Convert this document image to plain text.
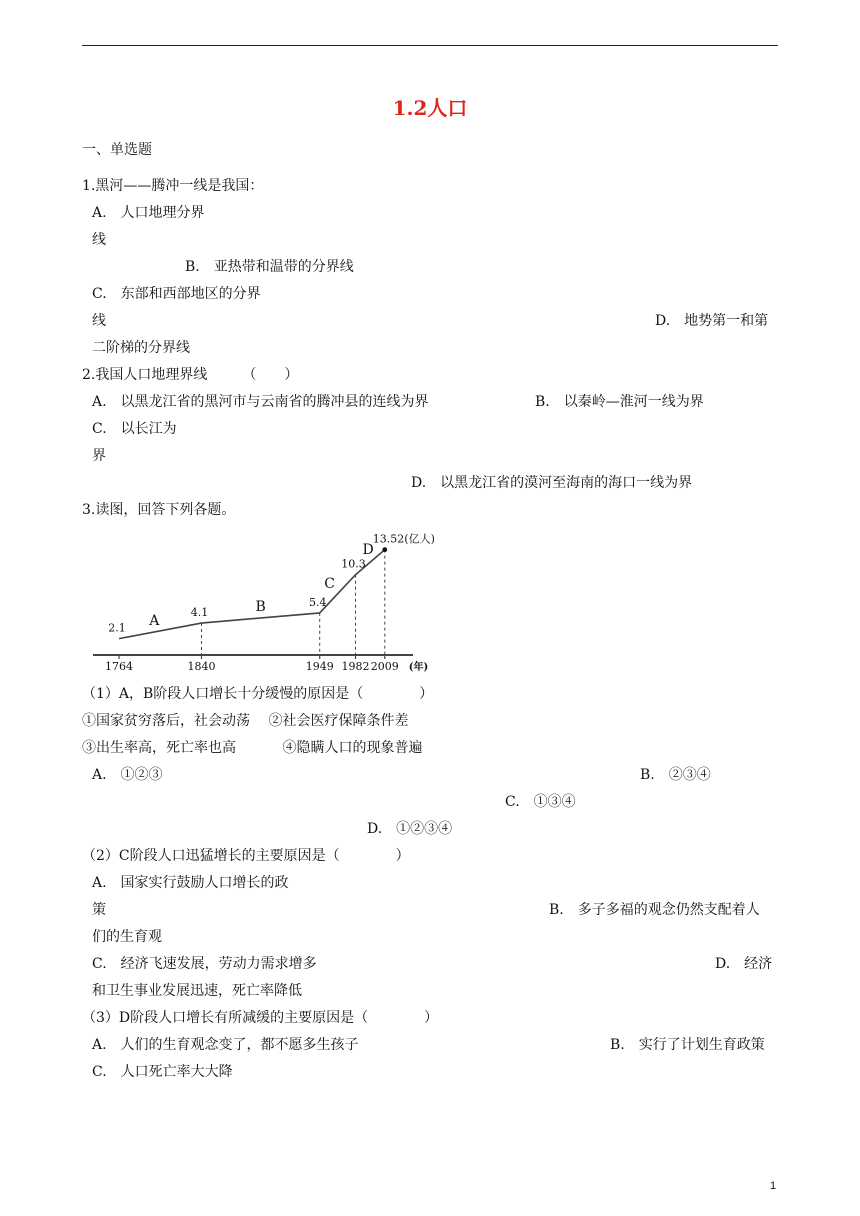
1.2人口
一、单选题
1.黑河——腾冲一线是我国：
A.　人口地理分界
线
B.　亚热带和温带的分界线
C.　东部和西部地区的分界
线	D.　地势第一和第
二阶梯的分界线
2.我国人口地理界线　　　（　　）
A.　以黑龙江省的黑河市与云南省的腾冲县的连线为界	B.　以秦岭—淮河一线为界
C.　以长江为
界
D.　以黑龙江省的漠河至海南的海口一线为界
3.读图，回答下列各题。
1764	1840	1949 1982 2009 (年)
2.1
4.1
5.4
10.3
13.52(亿人)
A
B
C
D
（1）A，B阶段人口增长十分缓慢的原因是（　　　　）
①国家贫穷落后，社会动荡　 ②社会医疗保障条件差
③出生率高，死亡率也高　　　 ④隐瞒人口的现象普遍
A.　①②③	B.　②③④
C.　①③④
D.　①②③④
（2）C阶段人口迅猛增长的主要原因是（　　　　）
A.　国家实行鼓励人口增长的政
策	B.　多子多福的观念仍然支配着人
们的生育观
C.　经济飞速发展，劳动力需求增多	D.　经济
和卫生事业发展迅速，死亡率降低
（3）D阶段人口增长有所减缓的主要原因是（　　　　）
A.　人们的生育观念变了，都不愿多生孩子	B.　实行了计划生育政策
C.　人口死亡率大大降
1
